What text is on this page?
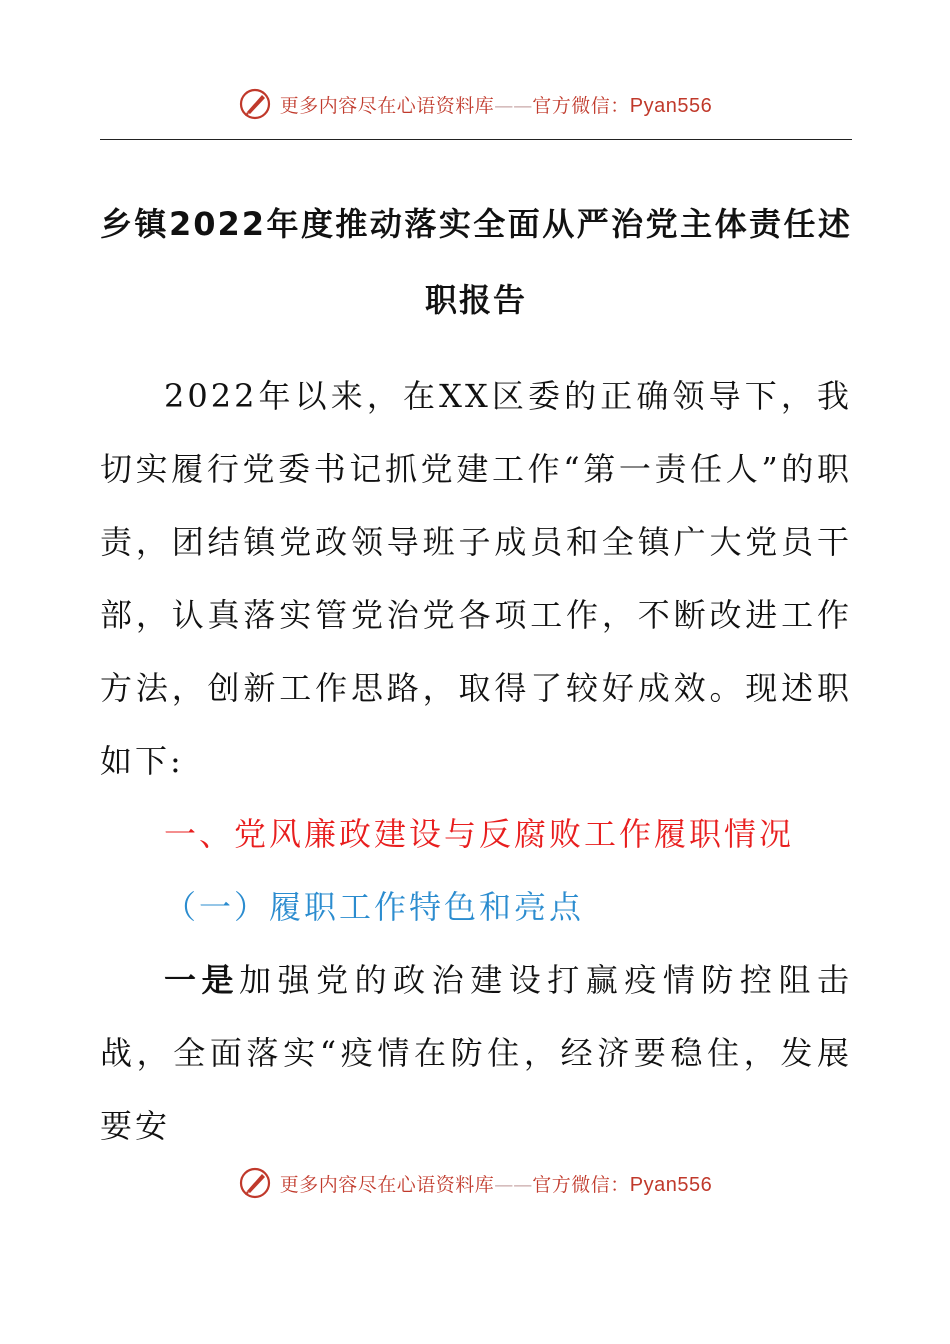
更多内容尽在心语资料库——官方微信：Pyan556
乡镇2022年度推动落实全面从严治党主体责任述职报告

2022年以来，在XX区委的正确领导下，我切实履行党委书记抓党建工作“第一责任人”的职责，团结镇党政领导班子成员和全镇广大党员干部，认真落实管党治党各项工作，不断改进工作方法，创新工作思路，取得了较好成效。现述职如下:

一、党风廉政建设与反腐败工作履职情况

（一）履职工作特色和亮点

一是加强党的政治建设打赢疫情防控阻击战，全面落实“疫情在防住，经济要稳住，发展要安

更多内容尽在心语资料库——官方微信：Pyan556
